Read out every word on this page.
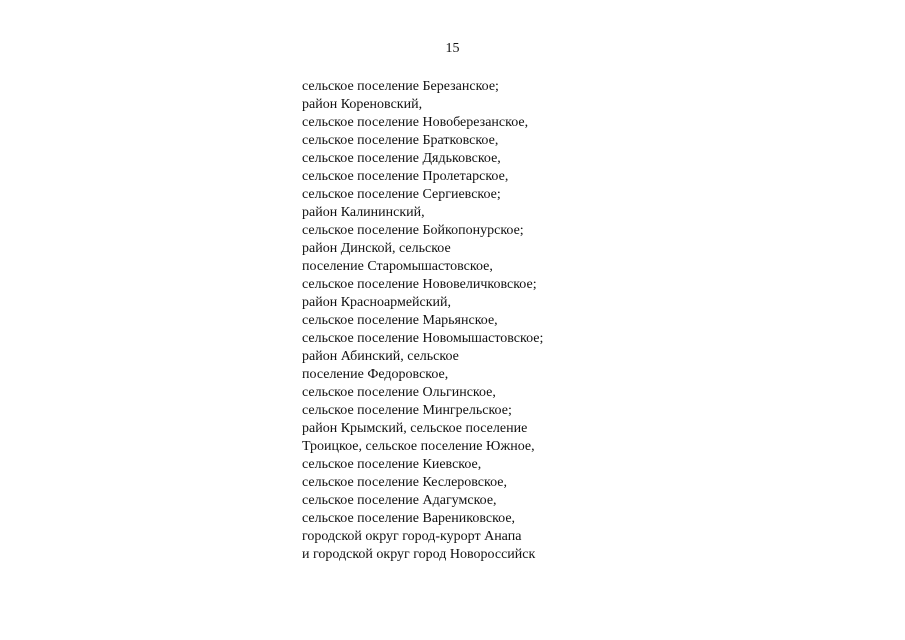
15
сельское поселение Березанское;
район Кореновский,
сельское поселение Новоберезанское,
сельское поселение Братковское,
сельское поселение Дядьковское,
сельское поселение Пролетарское,
сельское поселение Сергиевское;
район Калининский,
сельское поселение Бойкопонурское;
район Динской, сельское
поселение Старомышастовское,
сельское поселение Нововеличковское;
район Красноармейский,
сельское поселение Марьянское,
сельское поселение Новомышастовское;
район Абинский, сельское
поселение Федоровское,
сельское поселение Ольгинское,
сельское поселение Мингрельское;
район Крымский, сельское поселение
Троицкое, сельское поселение Южное,
сельское поселение Киевское,
сельское поселение Кеслеровское,
сельское поселение Адагумское,
сельское поселение Варениковское,
городской округ город-курорт Анапа
и городской округ город Новороссийск
